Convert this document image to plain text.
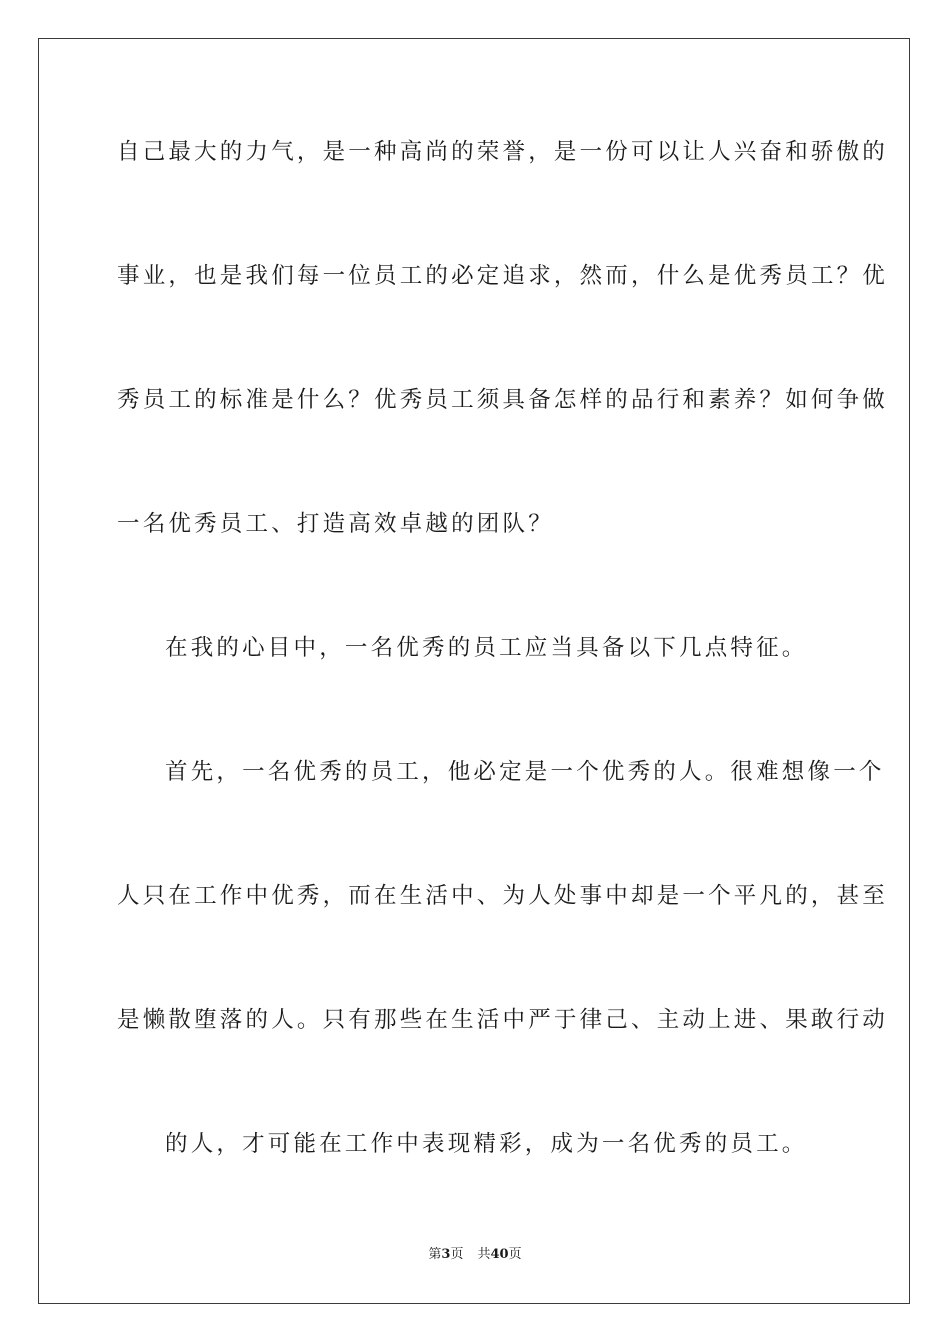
自己最大的力气，是一种高尚的荣誉，是一份可以让人兴奋和骄傲的
事业，也是我们每一位员工的必定追求，然而，什么是优秀员工？优
秀员工的标准是什么？优秀员工须具备怎样的品行和素养？如何争做
一名优秀员工、打造高效卓越的团队？
在我的心目中，一名优秀的员工应当具备以下几点特征。
首先，一名优秀的员工，他必定是一个优秀的人。很难想像一个
人只在工作中优秀，而在生活中、为人处事中却是一个平凡的，甚至
是懒散堕落的人。只有那些在生活中严于律己、主动上进、果敢行动
的人，才可能在工作中表现精彩，成为一名优秀的员工。
第3页 共40页
